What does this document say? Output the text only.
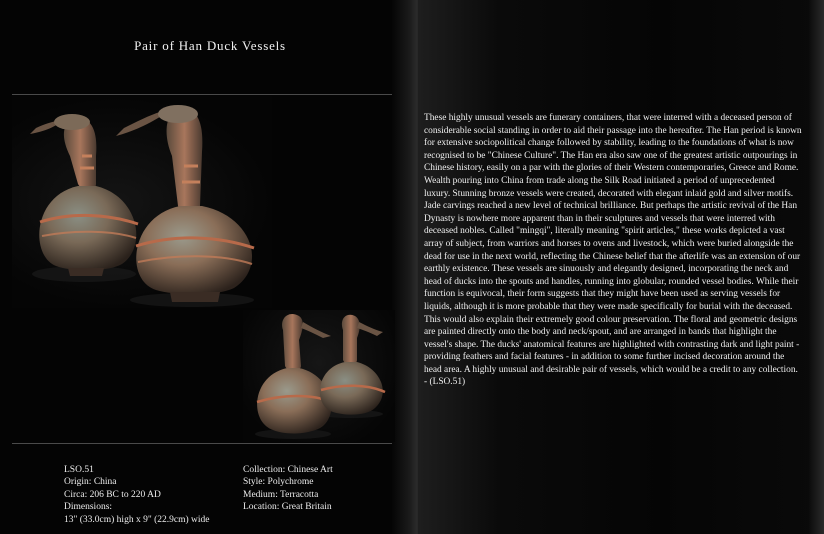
Pair of Han Duck Vessels
LSO.51
Origin: China
Circa: 206 BC to 220 AD
Dimensions:
13" (33.0cm) high x 9" (22.9cm) wide
Collection: Chinese Art
Style: Polychrome
Medium: Terracotta
Location: Great Britain
These highly unusual vessels are funerary containers, that were interred with a deceased person of considerable social standing in order to aid their passage into the hereafter. The Han period is known for extensive sociopolitical change followed by stability, leading to the foundations of what is now recognised to be "Chinese Culture". The Han era also saw one of the greatest artistic outpourings in Chinese history, easily on a par with the glories of their Western contemporaries, Greece and Rome. Wealth pouring into China from trade along the Silk Road initiated a period of unprecedented luxury. Stunning bronze vessels were created, decorated with elegant inlaid gold and silver motifs. Jade carvings reached a new level of technical brilliance. But perhaps the artistic revival of the Han Dynasty is nowhere more apparent than in their sculptures and vessels that were interred with deceased nobles. Called "mingqi", literally meaning "spirit articles," these works depicted a vast array of subject, from warriors and horses to ovens and livestock, which were buried alongside the dead for use in the next world, reflecting the Chinese belief that the afterlife was an extension of our earthly existence. These vessels are sinuously and elegantly designed, incorporating the neck and head of ducks into the spouts and handles, running into globular, rounded vessel bodies. While their function is equivocal, their form suggests that they might have been used as serving vessels for liquids, although it is more probable that they were made specifically for burial with the deceased. This would also explain their extremely good colour preservation. The floral and geometric designs are painted directly onto the body and neck/spout, and are arranged in bands that highlight the vessel's shape. The ducks' anatomical features are highlighted with contrasting dark and light paint - providing feathers and facial features - in addition to some further incised decoration around the head area. A highly unusual and desirable pair of vessels, which would be a credit to any collection. - (LSO.51)
